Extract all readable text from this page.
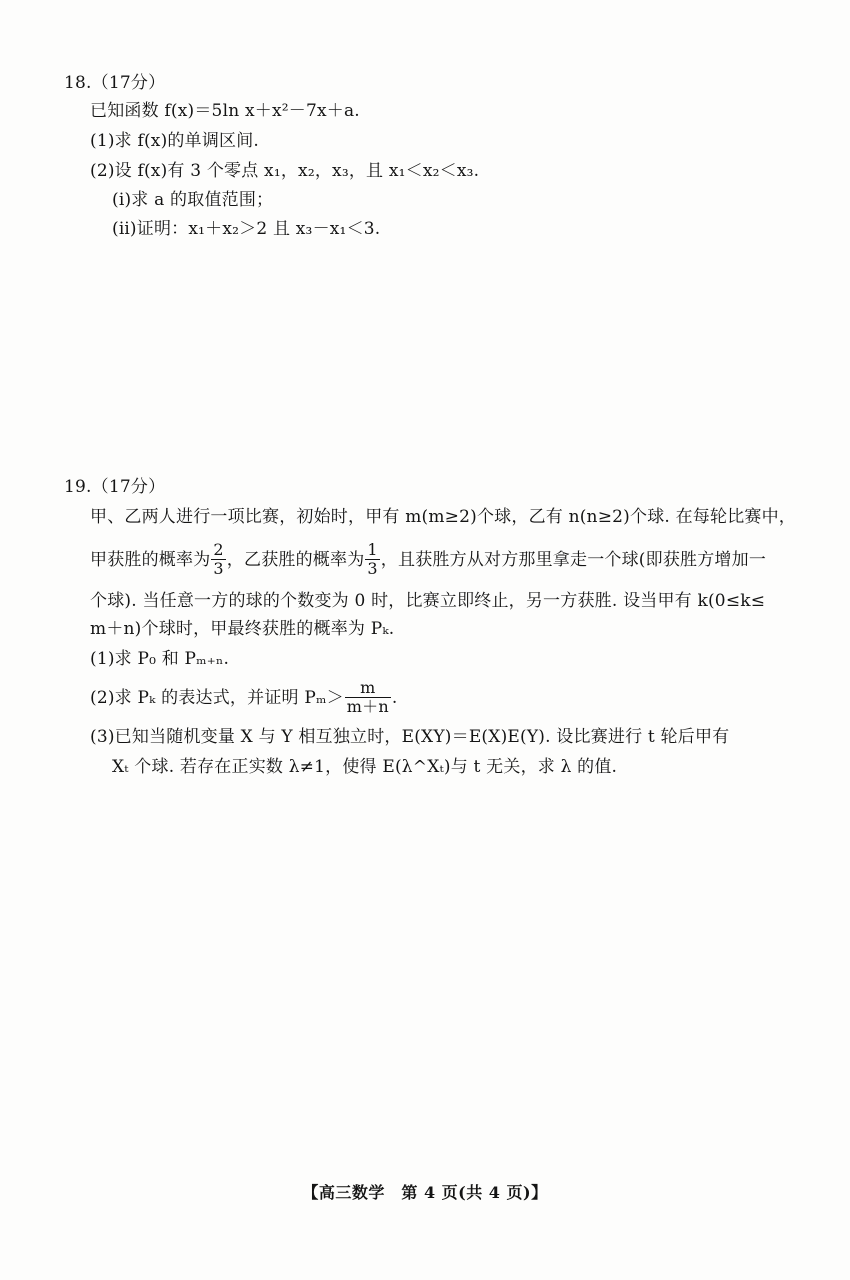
18.（17分）
已知函数 f(x)＝5ln x＋x²－7x＋a.
(1)求 f(x)的单调区间.
(2)设 f(x)有 3 个零点 x₁，x₂，x₃，且 x₁＜x₂＜x₃.
(ⅰ)求 a 的取值范围；
(ⅱ)证明：x₁＋x₂＞2 且 x₃－x₁＜3.
19.（17分）
甲、乙两人进行一项比赛，初始时，甲有 m(m≥2)个球，乙有 n(n≥2)个球. 在每轮比赛中，
甲获胜的概率为 $\frac{2}{3}$ ，乙获胜的概率为 $\frac{1}{3}$ ，且获胜方从对方那里拿走一个球(即获胜方增加一
个球). 当任意一方的球的个数变为 0 时，比赛立即终止，另一方获胜. 设当甲有 k(0≤k≤
m＋n)个球时，甲最终获胜的概率为 Pₖ.
(1)求 P₀ 和 Pₘ₊ₙ.
(2)求 Pₖ 的表达式，并证明 $P_m> \frac{m}{m+n}$ .
(3)已知当随机变量 X 与 Y 相互独立时，E(XY)＝E(X)E(Y). 设比赛进行 t 轮后甲有
Xₜ 个球. 若存在正实数 λ≠1，使得 E(λ^Xₜ)与 t 无关，求 λ 的值.
【高三数学　第 4 页(共 4 页)】
